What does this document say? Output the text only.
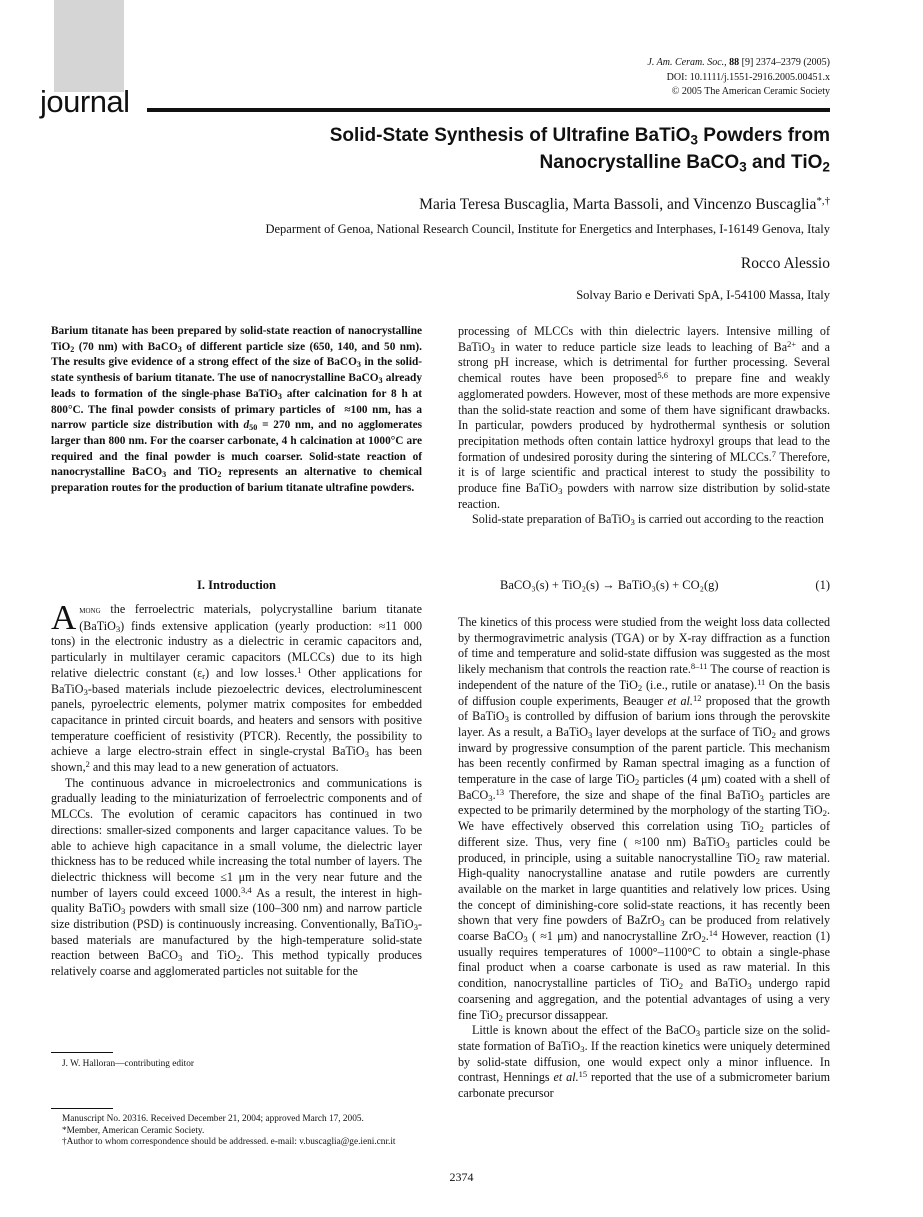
journal
J. Am. Ceram. Soc., 88 [9] 2374–2379 (2005)
DOI: 10.1111/j.1551-2916.2005.00451.x
© 2005 The American Ceramic Society
Solid-State Synthesis of Ultrafine BaTiO$_3$ Powders from
Nanocrystalline BaCO$_3$ and TiO$_2$
Maria Teresa Buscaglia, Marta Bassoli, and Vincenzo Buscaglia*,†
Deparment of Genoa, National Research Council, Institute for Energetics and Interphases, I-16149 Genova, Italy
Rocco Alessio
Solvay Bario e Derivati SpA, I-54100 Massa, Italy
Barium titanate has been prepared by solid-state reaction of nanocrystalline TiO$_2$ (70 nm) with BaCO$_3$ of different particle size (650, 140, and 50 nm). The results give evidence of a strong effect of the size of BaCO$_3$ in the solid-state synthesis of barium titanate. The use of nanocrystalline BaCO$_3$ already leads to formation of the single-phase BaTiO$_3$ after calcination for 8 h at 800°C. The final powder consists of primary particles of  ≈100 nm, has a narrow particle size distribution with $d_{50} = 270$ nm, and no agglomerates larger than 800 nm. For the coarser carbonate, 4 h calcination at 1000°C are required and the final powder is much coarser. Solid-state reaction of nanocrystalline BaCO$_3$ and TiO$_2$ represents an alternative to chemical preparation routes for the production of barium titanate ultrafine powders.
I. Introduction

Among the ferroelectric materials, polycrystalline barium titanate (BaTiO$_3$) finds extensive application (yearly production: ≈11 000 tons) in the electronic industry as a dielectric in ceramic capacitors and, particularly in multilayer ceramic capacitors (MLCCs) due to its high relative dielectric constant $(\varepsilon_r)$ and low losses.$^1$ Other applications for BaTiO$_3$-based materials include piezoelectric devices, electroluminescent panels, pyroelectric elements, polymer matrix composites for embedded capacitance in printed circuit boards, and heaters and sensors with positive temperature coefficient of resistivity (PTCR). Recently, the possibility to achieve a large electro-strain effect in single-crystal BaTiO$_3$ has been shown,$^2$ and this may lead to a new generation of actuators.

The continuous advance in microelectronics and communications is gradually leading to the miniaturization of ferroelectric components and of MLCCs. The evolution of ceramic capacitors has continued in two directions: smaller-sized components and larger capacitance values. To be able to achieve high capacitance in a small volume, the dielectric layer thickness has to be reduced while increasing the total number of layers. The dielectric thickness will become ≤1 μm in the very near future and the number of layers could exceed 1000.$^{3,4}$ As a result, the interest in high-quality BaTiO$_3$ powders with small size (100–300 nm) and narrow particle size distribution (PSD) is continuously increasing. Conventionally, BaTiO$_3$-based materials are manufactured by the high-temperature solid-state reaction between BaCO$_3$ and TiO$_2$. This method typically produces relatively coarse and agglomerated particles not suitable for the

processing of MLCCs with thin dielectric layers. Intensive milling of BaTiO$_3$ in water to reduce particle size leads to leaching of $Ba^{2+}$ and a strong pH increase, which is detrimental for further processing. Several chemical routes have been proposed$^{5,6}$ to prepare fine and weakly agglomerated powders. However, most of these methods are more expensive than the solid-state reaction and some of them have significant drawbacks. In particular, powders produced by hydrothermal synthesis or solution precipitation methods often contain lattice hydroxyl groups that lead to the formation of undesired porosity during the sintering of MLCCs.$^7$ Therefore, it is of large scientific and practical interest to study the possibility to produce fine BaTiO$_3$ powders with narrow size distribution by solid-state reaction.

Solid-state preparation of BaTiO$_3$ is carried out according to the reaction

BaCO₃(s) + TiO₂(s) → BaTiO₃(s) + CO₂(g)	(1)

The kinetics of this process were studied from the weight loss data collected by thermogravimetric analysis (TGA) or by X-ray diffraction as a function of time and temperature and solid-state diffusion was suggested as the most likely mechanism that controls the reaction rate.$^{8-11}$ The course of reaction is independent of the nature of the TiO$_2$ (i.e., rutile or anatase).$^{11}$ On the basis of diffusion couple experiments, Beauger et al.$^{12}$ proposed that the growth of BaTiO$_3$ is controlled by diffusion of barium ions through the perovskite layer. As a result, a BaTiO$_3$ layer develops at the surface of TiO$_2$ and grows inward by progressive consumption of the parent particle. This mechanism has been recently confirmed by Raman spectral imaging as a function of temperature in the case of large TiO$_2$ particles (4 μm) coated with a shell of BaCO$_3$.$^{13}$ Therefore, the size and shape of the final BaTiO$_3$ particles are expected to be primarily determined by the morphology of the starting TiO$_2$. We have effectively observed this correlation using TiO$_2$ particles of different size. Thus, very fine ( ≈100 nm) BaTiO$_3$ particles could be produced, in principle, using a suitable nanocrystalline TiO$_2$ raw material. High-quality nanocrystalline anatase and rutile powders are currently available on the market in large quantities and relatively low prices. Using the concept of diminishing-core solid-state reactions, it has recently been shown that very fine powders of BaZrO$_3$ can be produced from relatively coarse BaCO$_3$ ( ≈1 μm) and nanocrystalline ZrO$_2$.$^{14}$ However, reaction (1) usually requires temperatures of 1000°–1100°C to obtain a single-phase final product when a coarse carbonate is used as raw material. In this condition, nanocrystalline particles of TiO$_2$ and BaTiO$_3$ undergo rapid coarsening and aggregation, and the potential advantages of using a very fine TiO$_2$ precursor dissappear.

Little is known about the effect of the BaCO$_3$ particle size on the solid-state formation of BaTiO$_3$. If the reaction kinetics were uniquely determined by solid-state diffusion, one would expect only a minor influence. In contrast, Hennings et al.$^{15}$ reported that the use of a submicrometer barium carbonate precursor

J. W. Halloran—contributing editor
Manuscript No. 20316. Received December 21, 2004; approved March 17, 2005.
*Member, American Ceramic Society.
†Author to whom correspondence should be addressed. e-mail: v.buscaglia@ge.ieni.cnr.it
2374
